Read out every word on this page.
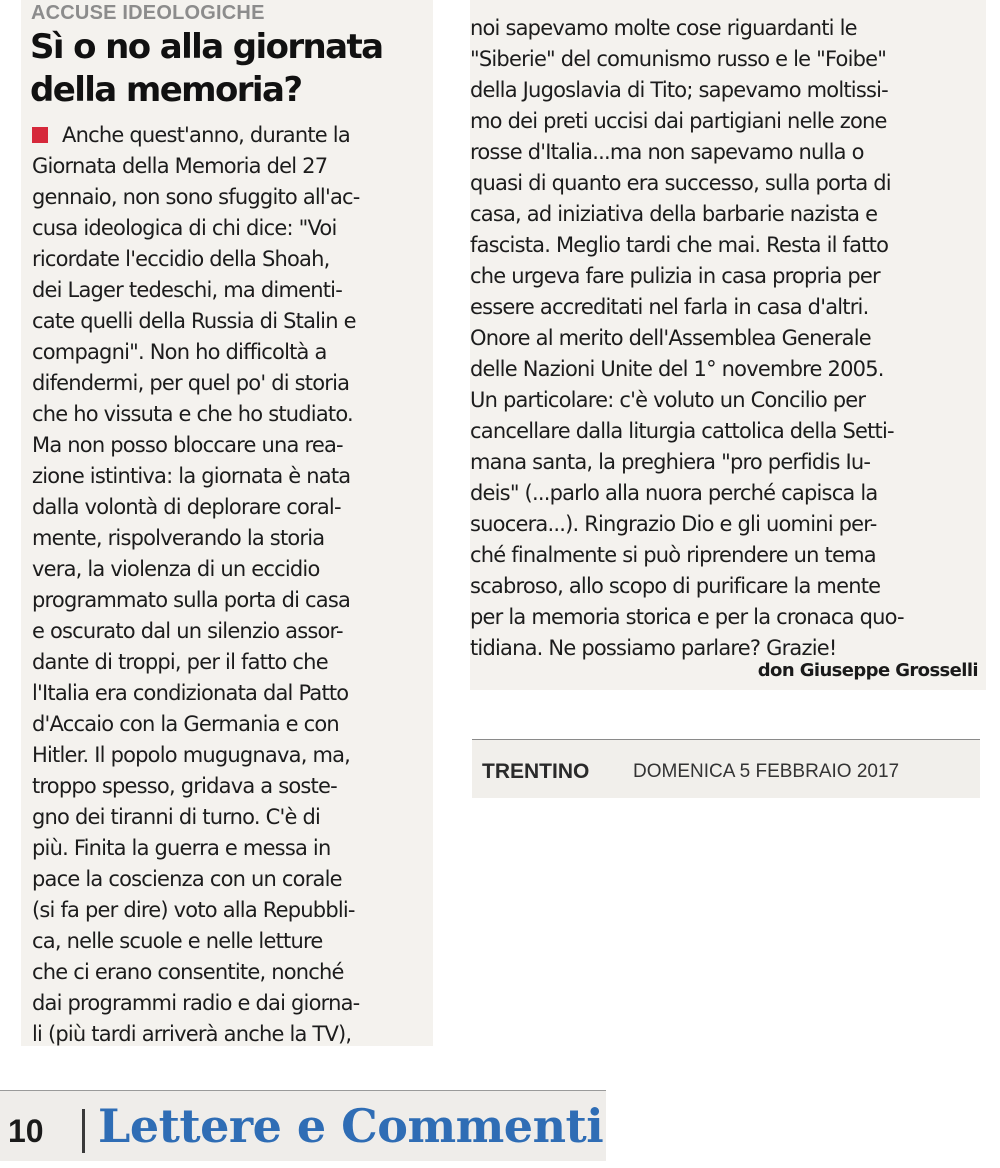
ACCUSE IDEOLOGICHE
Sì o no alla giornata
della memoria?
Anche quest'anno, durante la
Giornata della Memoria del 27
gennaio, non sono sfuggito all'ac-
cusa ideologica di chi dice: "Voi
ricordate l'eccidio della Shoah,
dei Lager tedeschi, ma dimenti-
cate quelli della Russia di Stalin e
compagni". Non ho difficoltà a
difendermi, per quel po' di storia
che ho vissuta e che ho studiato.
Ma non posso bloccare una rea-
zione istintiva: la giornata è nata
dalla volontà di deplorare coral-
mente, rispolverando la storia
vera, la violenza di un eccidio
programmato sulla porta di casa
e oscurato dal un silenzio assor-
dante di troppi, per il fatto che
l'Italia era condizionata dal Patto
d'Accaio con la Germania e con
Hitler. Il popolo mugugnava, ma,
troppo spesso, gridava a soste-
gno dei tiranni di turno. C'è di
più. Finita la guerra e messa in
pace la coscienza con un corale
(si fa per dire) voto alla Repubbli-
ca, nelle scuole e nelle letture
che ci erano consentite, nonché
dai programmi radio e dai giorna-
li (più tardi arriverà anche la TV),
noi sapevamo molte cose riguardanti le
"Siberie" del comunismo russo e le "Foibe"
della Jugoslavia di Tito; sapevamo moltissi-
mo dei preti uccisi dai partigiani nelle zone
rosse d'Italia...ma non sapevamo nulla o
quasi di quanto era successo, sulla porta di
casa, ad iniziativa della barbarie nazista e
fascista. Meglio tardi che mai. Resta il fatto
che urgeva fare pulizia in casa propria per
essere accreditati nel farla in casa d'altri.
Onore al merito dell'Assemblea Generale
delle Nazioni Unite del 1° novembre 2005.
Un particolare: c'è voluto un Concilio per
cancellare dalla liturgia cattolica della Setti-
mana santa, la preghiera "pro perfidis Iu-
deis" (...parlo alla nuora perché capisca la
suocera...). Ringrazio Dio e gli uomini per-
ché finalmente si può riprendere un tema
scabroso, allo scopo di purificare la mente
per la memoria storica e per la cronaca quo-
tidiana. Ne possiamo parlare? Grazie!
don Giuseppe Grosselli
TRENTINO DOMENICA 5 FEBBRAIO 2017
10 Lettere e Commenti
